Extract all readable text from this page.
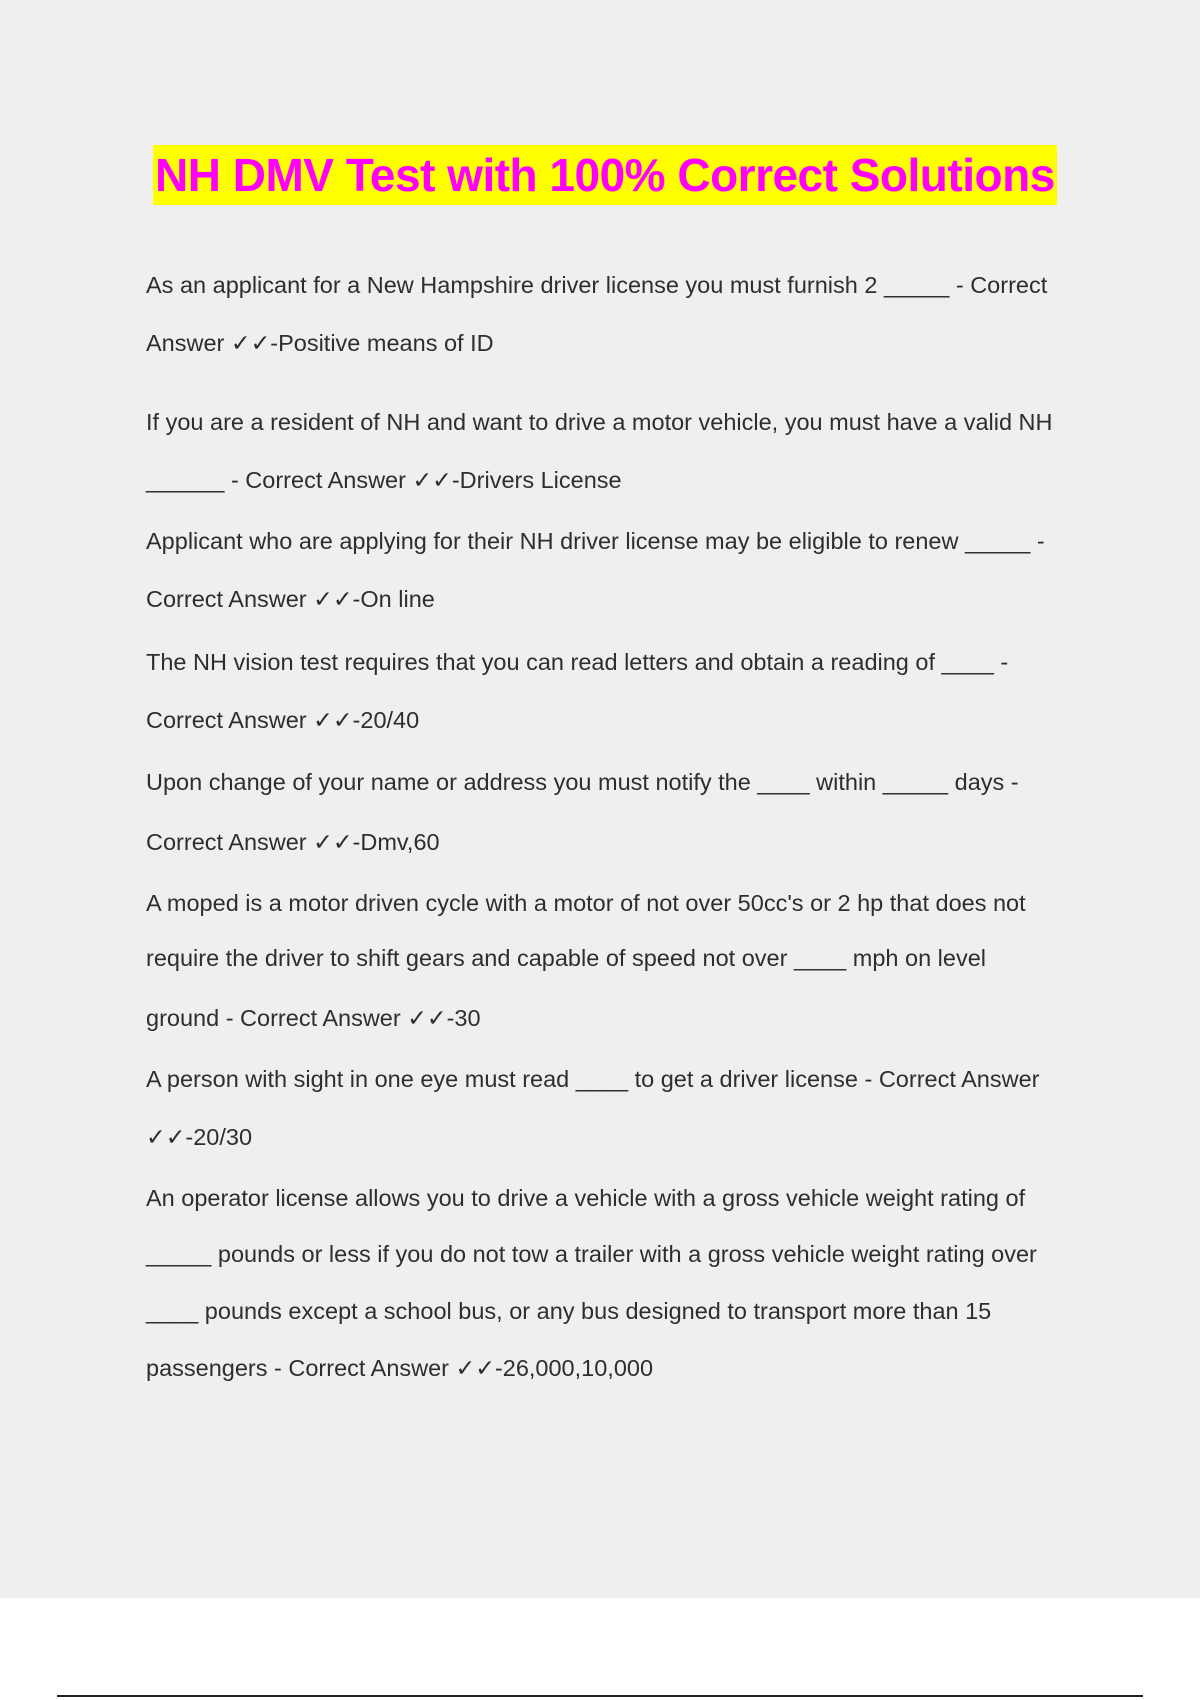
NH DMV Test with 100% Correct Solutions
As an applicant for a New Hampshire driver license you must furnish 2 _____ - Correct
Answer ✓✓-Positive means of ID
If you are a resident of NH and want to drive a motor vehicle, you must have a valid NH
______ - Correct Answer ✓✓-Drivers License
Applicant who are applying for their NH driver license may be eligible to renew _____ -
Correct Answer ✓✓-On line
The NH vision test requires that you can read letters and obtain a reading of ____ -
Correct Answer ✓✓-20/40
Upon change of your name or address you must notify the ____ within _____ days -
Correct Answer ✓✓-Dmv,60
A moped is a motor driven cycle with a motor of not over 50cc's or 2 hp that does not
require the driver to shift gears and capable of speed not over ____ mph on level
ground - Correct Answer ✓✓-30
A person with sight in one eye must read ____ to get a driver license - Correct Answer
✓✓-20/30
An operator license allows you to drive a vehicle with a gross vehicle weight rating of
_____ pounds or less if you do not tow a trailer with a gross vehicle weight rating over
____ pounds except a school bus, or any bus designed to transport more than 15
passengers - Correct Answer ✓✓-26,000,10,000
